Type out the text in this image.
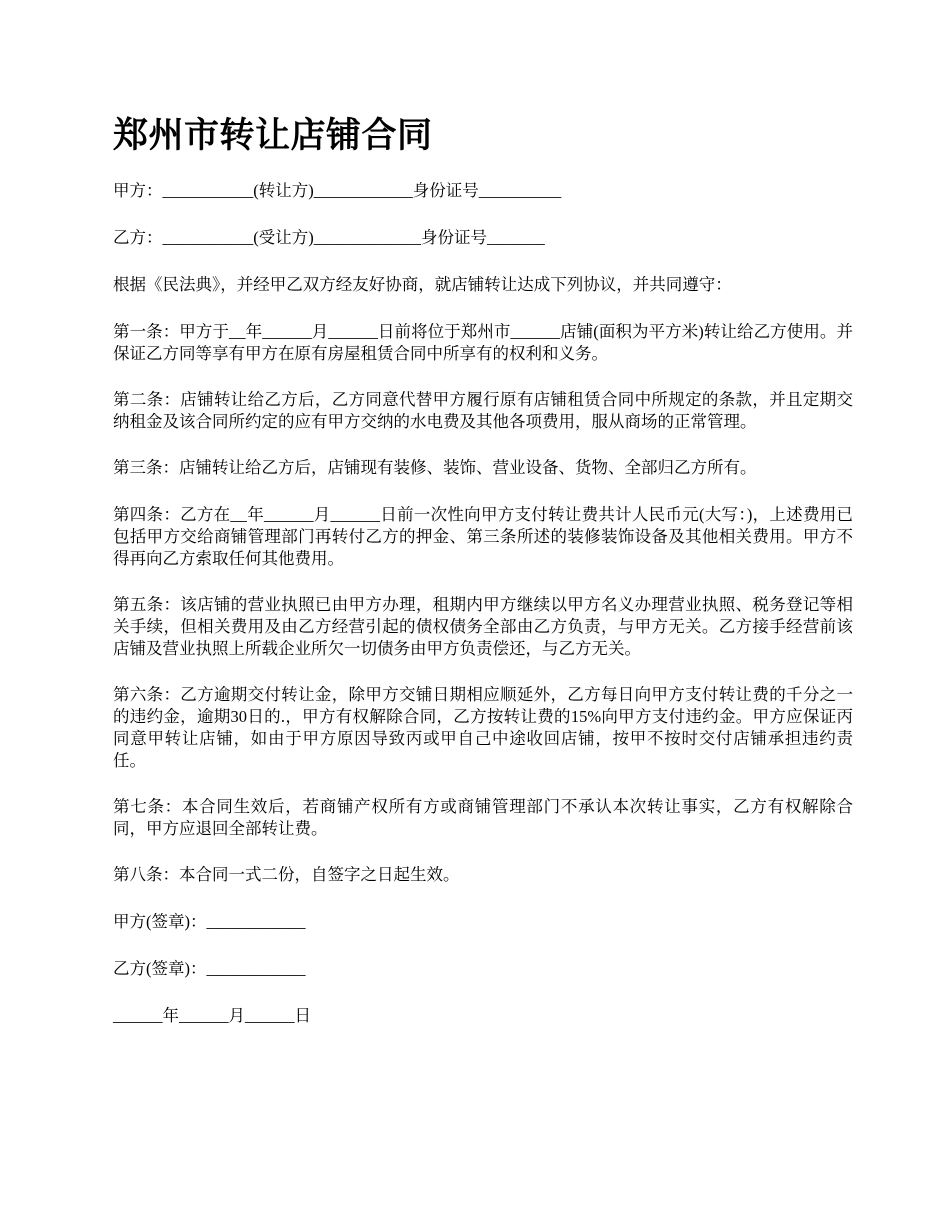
郑州市转让店铺合同

甲方：___________(转让方)____________身份证号__________

乙方：___________(受让方)_____________身份证号_______

根据《民法典》，并经甲乙双方经友好协商，就店铺转让达成下列协议，并共同遵守：

第一条：甲方于__年______月______日前将位于郑州市______店铺(面积为平方米)转让给乙方使用。并保证乙方同等享有甲方在原有房屋租赁合同中所享有的权利和义务。

第二条：店铺转让给乙方后，乙方同意代替甲方履行原有店铺租赁合同中所规定的条款，并且定期交纳租金及该合同所约定的应有甲方交纳的水电费及其他各项费用，服从商场的正常管理。

第三条：店铺转让给乙方后，店铺现有装修、装饰、营业设备、货物、全部归乙方所有。

第四条：乙方在__年______月______日前一次性向甲方支付转让费共计人民币元(大写：)，上述费用已包括甲方交给商铺管理部门再转付乙方的押金、第三条所述的装修装饰设备及其他相关费用。甲方不得再向乙方索取任何其他费用。

第五条：该店铺的营业执照已由甲方办理，租期内甲方继续以甲方名义办理营业执照、税务登记等相关手续，但相关费用及由乙方经营引起的债权债务全部由乙方负责，与甲方无关。乙方接手经营前该店铺及营业执照上所载企业所欠一切债务由甲方负责偿还，与乙方无关。

第六条：乙方逾期交付转让金，除甲方交铺日期相应顺延外，乙方每日向甲方支付转让费的千分之一的违约金，逾期30日的.，甲方有权解除合同，乙方按转让费的15%向甲方支付违约金。甲方应保证丙同意甲转让店铺，如由于甲方原因导致丙或甲自己中途收回店铺，按甲不按时交付店铺承担违约责任。

第七条：本合同生效后，若商铺产权所有方或商铺管理部门不承认本次转让事实，乙方有权解除合同，甲方应退回全部转让费。

第八条：本合同一式二份，自签字之日起生效。

甲方(签章)：____________

乙方(签章)：____________

______年______月______日
